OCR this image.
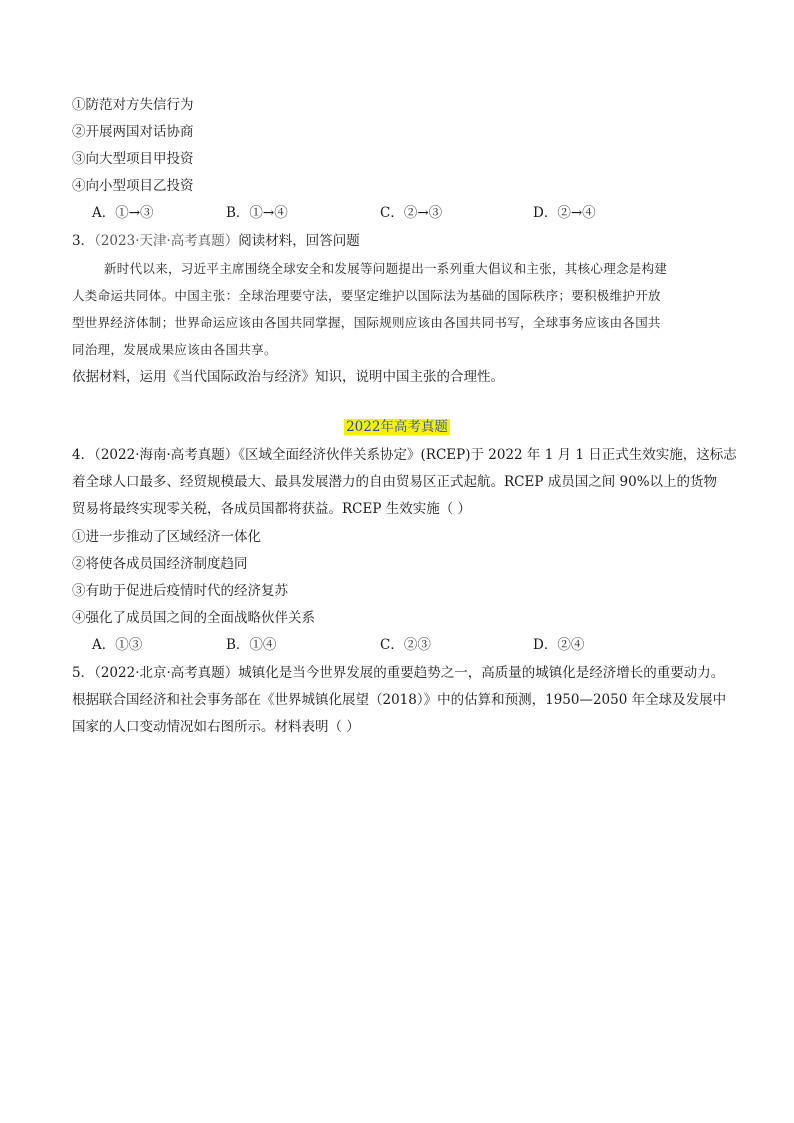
①防范对方失信行为
②开展两国对话协商
③向大型项目甲投资
④向小型项目乙投资
A．①→③	B．①→④	C．②→③	D．②→④
3．（2023·天津·高考真题）阅读材料，回答问题
新时代以来，习近平主席围绕全球安全和发展等问题提出一系列重大倡议和主张，其核心理念是构建
人类命运共同体。中国主张：全球治理要守法，要坚定维护以国际法为基础的国际秩序；要积极维护开放
型世界经济体制；世界命运应该由各国共同掌握，国际规则应该由各国共同书写，全球事务应该由各国共
同治理，发展成果应该由各国共享。
依据材料，运用《当代国际政治与经济》知识，说明中国主张的合理性。
2022年高考真题
4．（2022·海南·高考真题）《区域全面经济伙伴关系协定》(RCEP)于 2022 年 1 月 1 日正式生效实施，这标志
着全球人口最多、经贸规模最大、最具发展潜力的自由贸易区正式起航。RCEP 成员国之间 90%以上的货物
贸易将最终实现零关税，各成员国都将获益。RCEP 生效实施（ ）
①进一步推动了区域经济一体化
②将使各成员国经济制度趋同
③有助于促进后疫情时代的经济复苏
④强化了成员国之间的全面战略伙伴关系
A．①③	B．①④	C．②③	D．②④
5．（2022·北京·高考真题）城镇化是当今世界发展的重要趋势之一，高质量的城镇化是经济增长的重要动力。
根据联合国经济和社会事务部在《世界城镇化展望（2018）》中的估算和预测，1950—2050 年全球及发展中
国家的人口变动情况如右图所示。材料表明（ ）
